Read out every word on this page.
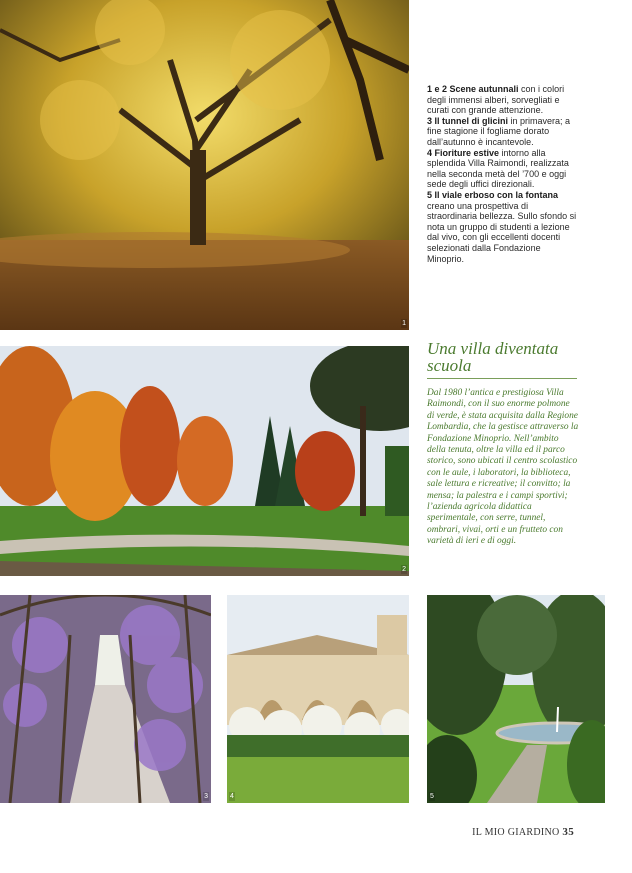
1

1 e 2 Scene autunnali con i colori degli immensi alberi, sorvegliati e curati con grande attenzione.

3 Il tunnel di glicini in primavera; a fine stagione il fogliame dorato dall’autunno è incantevole.

4 Fioriture estive intorno alla splendida Villa Raimondi, realizzata nella seconda metà del ’700 e oggi sede degli uffici direzionali.

5 Il viale erboso con la fontana creano una prospettiva di straordinaria bellezza. Sullo sfondo si nota un gruppo di studenti a lezione dal vivo, con gli eccellenti docenti selezionati dalla Fondazione Minoprio.

2
Una villa diventata scuola
Dal 1980 l’antica e prestigiosa Villa Raimondi, con il suo enorme polmone di verde, è stata acquisita dalla Regione Lombardia, che la gestisce attraverso la Fondazione Minoprio. Nell’ambito della tenuta, oltre la villa ed il parco storico, sono ubicati il centro scolastico con le aule, i laboratori, la biblioteca, sale lettura e ricreative; il convitto; la mensa; la palestra e i campi sportivi; l’azienda agricola didattica sperimentale, con serre, tunnel, ombrari, vivai, orti e un frutteto con varietà di ieri e di oggi.
3	4	5
IL MIO GIARDINO 35
